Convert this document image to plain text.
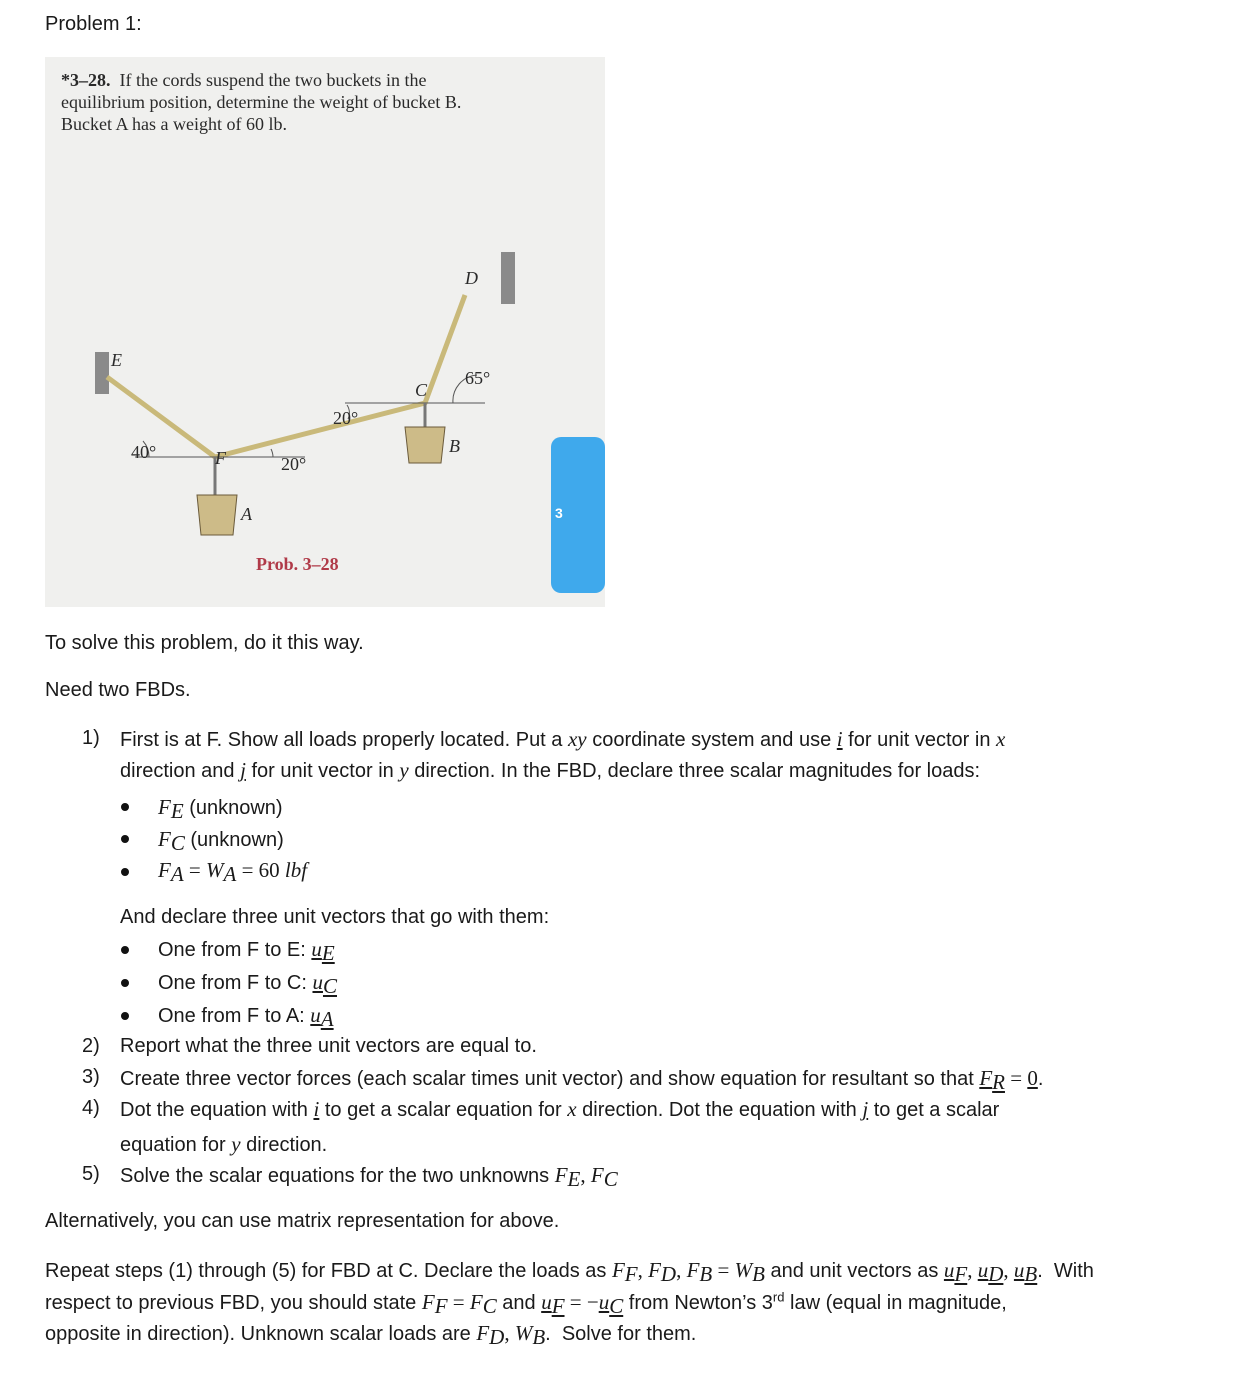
Problem 1:
*3–28. If the cords suspend the two buckets in the
equilibrium position, determine the weight of bucket B.
Bucket A has a weight of 60 lb.
D
E
65°
C
20°
B
40°	F	20°
A
Prob. 3–28
3
To solve this problem, do it this way.
Need two FBDs.
1) First is at F. Show all loads properly located. Put a xy coordinate system and use i for unit vector in x
direction and j for unit vector in y direction. In the FBD, declare three scalar magnitudes for loads:
$F_E$ (unknown)
$F_C$ (unknown)
$F_A = W_A = 60$ lbf
And declare three unit vectors that go with them:
One from F to E: $u_E$
One from F to C: $u_C$
One from F to A: $u_A$
2) Report what the three unit vectors are equal to.
3) Create three vector forces (each scalar times unit vector) and show equation for resultant so that $F_R = 0$.
4) Dot the equation with i to get a scalar equation for x direction. Dot the equation with j to get a scalar
equation for y direction.
5) Solve the scalar equations for the two unknowns $F_E$, $F_C$
Alternatively, you can use matrix representation for above.
Repeat steps (1) through (5) for FBD at C. Declare the loads as $F_F$, $F_D$, $F_B = W_B$ and unit vectors as $u_F$, $u_D$, $u_B$.  With
respect to previous FBD, you should state $F_F = F_C$ and $u_F = -u_C$ from Newton’s 3rd law (equal in magnitude,
opposite in direction). Unknown scalar loads are $F_D$, $W_B$.  Solve for them.
